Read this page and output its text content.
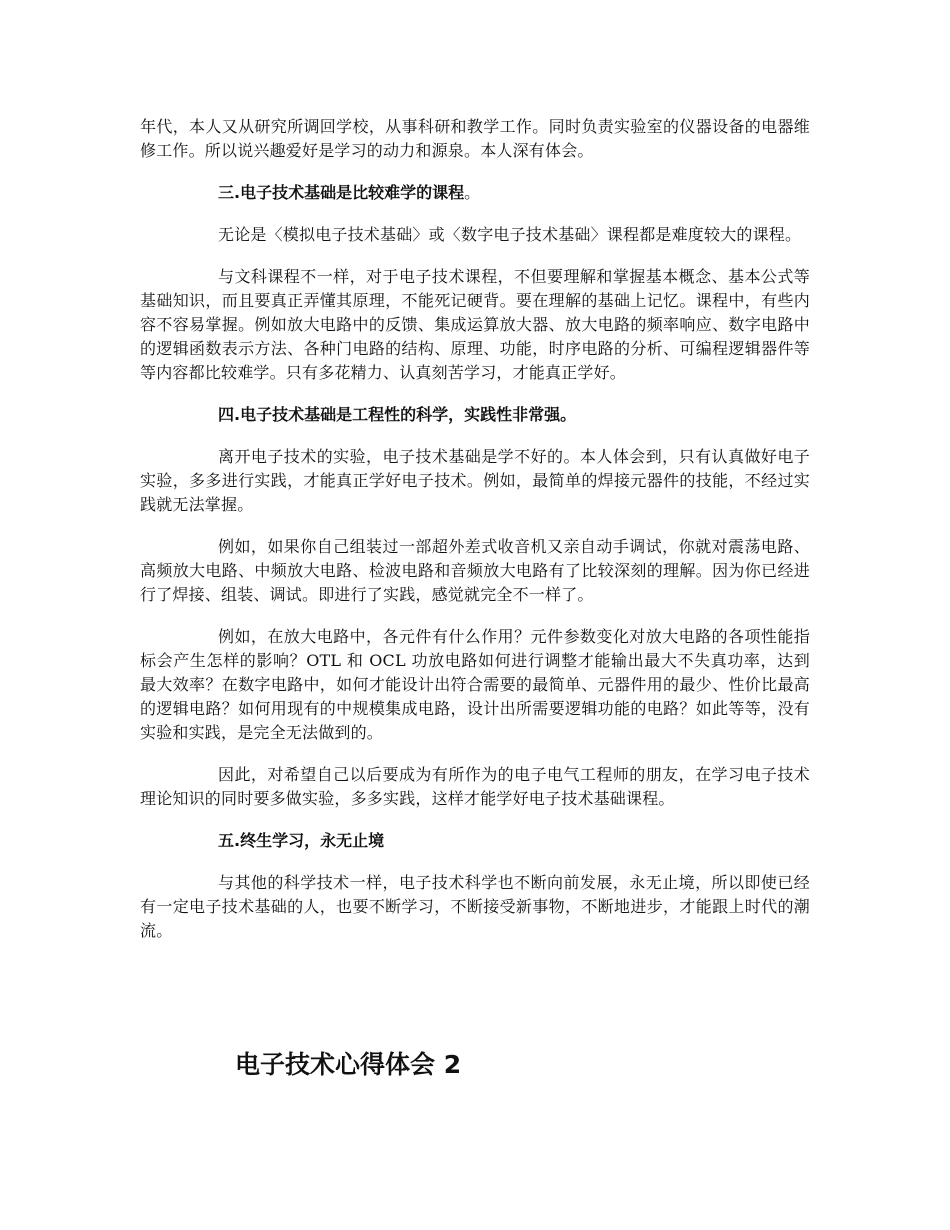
年代，本人又从研究所调回学校，从事科研和教学工作。同时负责实验室的仪器设备的电器维修工作。所以说兴趣爱好是学习的动力和源泉。本人深有体会。

三.电子技术基础是比较难学的课程。

无论是〈模拟电子技术基础〉或〈数字电子技术基础〉课程都是难度较大的课程。

与文科课程不一样，对于电子技术课程，不但要理解和掌握基本概念、基本公式等基础知识，而且要真正弄懂其原理，不能死记硬背。要在理解的基础上记忆。课程中，有些内容不容易掌握。例如放大电路中的反馈、集成运算放大器、放大电路的频率响应、数字电路中的逻辑函数表示方法、各种门电路的结构、原理、功能，时序电路的分析、可编程逻辑器件等等内容都比较难学。只有多花精力、认真刻苦学习，才能真正学好。

四.电子技术基础是工程性的科学，实践性非常强。

离开电子技术的实验，电子技术基础是学不好的。本人体会到，只有认真做好电子实验，多多进行实践，才能真正学好电子技术。例如，最简单的焊接元器件的技能，不经过实践就无法掌握。

例如，如果你自己组装过一部超外差式收音机又亲自动手调试，你就对震荡电路、高频放大电路、中频放大电路、检波电路和音频放大电路有了比较深刻的理解。因为你已经进行了焊接、组装、调试。即进行了实践，感觉就完全不一样了。

例如，在放大电路中，各元件有什么作用？元件参数变化对放大电路的各项性能指标会产生怎样的影响？OTL 和 OCL 功放电路如何进行调整才能输出最大不失真功率，达到最大效率？在数字电路中，如何才能设计出符合需要的最简单、元器件用的最少、性价比最高的逻辑电路？如何用现有的中规模集成电路，设计出所需要逻辑功能的电路？如此等等，没有实验和实践，是完全无法做到的。

因此，对希望自己以后要成为有所作为的电子电气工程师的朋友，在学习电子技术理论知识的同时要多做实验，多多实践，这样才能学好电子技术基础课程。

五.终生学习，永无止境

与其他的科学技术一样，电子技术科学也不断向前发展，永无止境，所以即使已经有一定电子技术基础的人，也要不断学习，不断接受新事物，不断地进步，才能跟上时代的潮流。

电子技术心得体会 2
